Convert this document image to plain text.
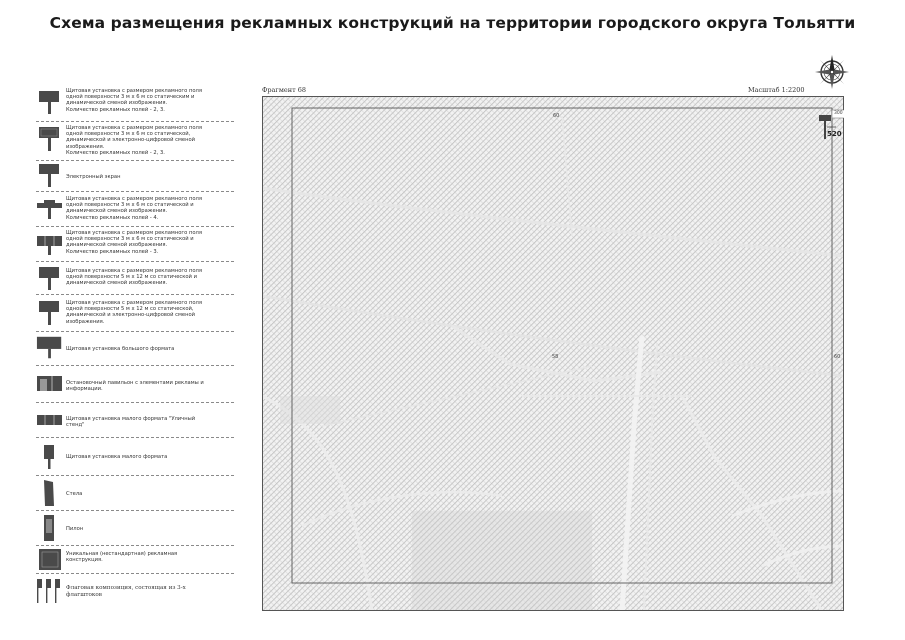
Схема размещения рекламных конструкций на территории городского округа Тольятти
Щитовая установка с размером рекламного поля
одной поверхности 3 м х 6 м со статическим и
динамической сменой изображения.
Количество рекламных полей - 2, 3.
Щитовая установка с размером рекламного поля
одной поверхности 3 м х 6 м со статической,
динамической и электронно-цифровой сменой
изображения.
Количество рекламных полей - 2, 3.
Электронный экран
Щитовая установка с размером рекламного поля
одной поверхности 3 м х 6 м со статической и
динамической сменой изображения.
Количество рекламных полей - 4.
Щитовая установка с размером рекламного поля
одной поверхности 3 м х 6 м со статической и
динамической сменой изображения.
Количество рекламных полей - 3.
Щитовая установка с размером рекламного поля
одной поверхности 5 м х 12 м со статической и
динамической сменой изображения.
Щитовая установка с размером рекламного поля
одной поверхности 5 м х 12 м со статической,
динамической и электронно-цифровой сменой
изображения.
Щитовая установка большого формата
Остановочный павильон с элементами рекламы и
информации.
Щитовая установка малого формата "Уличный
стенд"
Щитовая установка малого формата
Стела
Пилон
Уникальная (нестандартная) рекламная
конструкция.
Флаговая композиция, состоящая из 3-х
флагштоков
Фрагмент 68	Масштаб 1:2200
60
58	60
300
520
